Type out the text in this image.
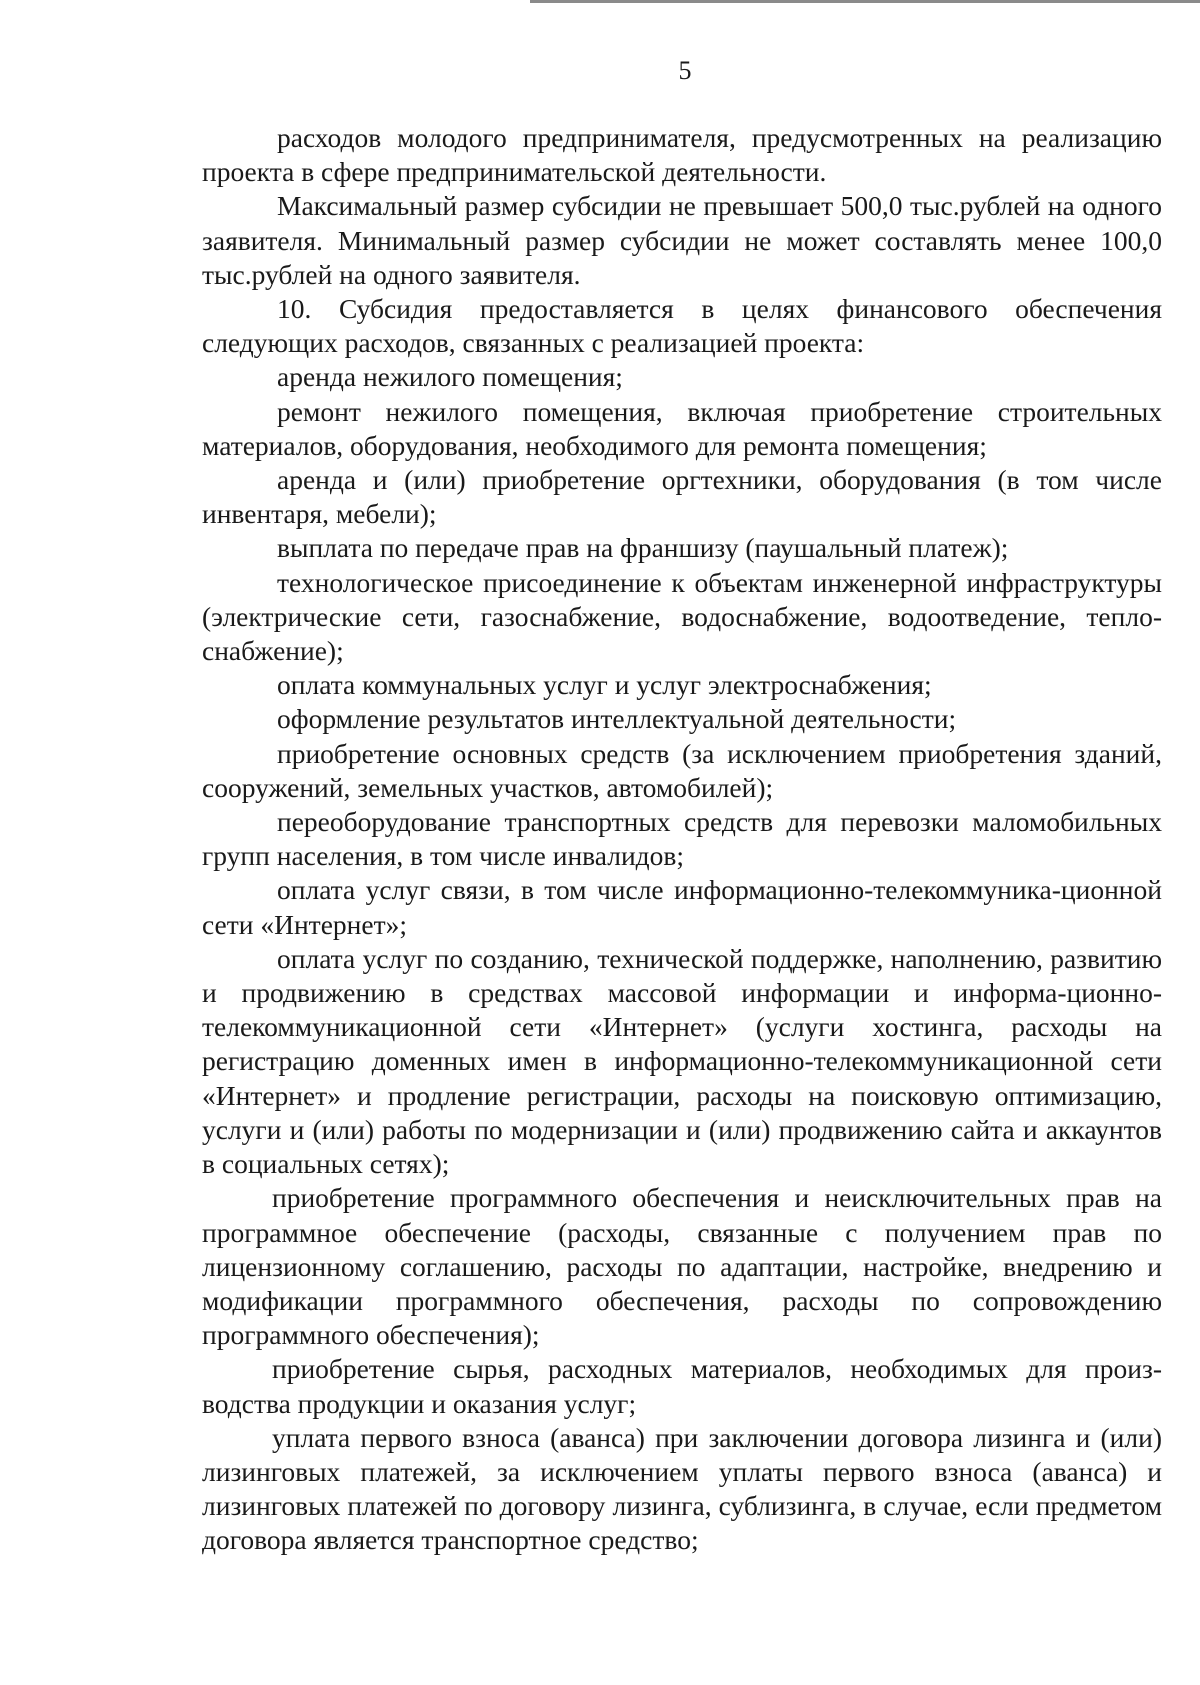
5

расходов молодого предпринимателя, предусмотренных на реализацию проекта в сфере предпринимательской деятельности.

Максимальный размер субсидии не превышает 500,0 тыс.рублей на одного заявителя. Минимальный размер субсидии не может составлять менее 100,0 тыс.рублей на одного заявителя.

10. Субсидия предоставляется в целях финансового обеспечения следующих расходов, связанных с реализацией проекта:

аренда нежилого помещения;

ремонт нежилого помещения, включая приобретение строительных материалов, оборудования, необходимого для ремонта помещения;

аренда и (или) приобретение оргтехники, оборудования (в том числе инвентаря, мебели);

выплата по передаче прав на франшизу (паушальный платеж);

технологическое присоединение к объектам инженерной инфраструктуры (электрические сети, газоснабжение, водоснабжение, водоотведение, тепло-снабжение);

оплата коммунальных услуг и услуг электроснабжения;

оформление результатов интеллектуальной деятельности;

приобретение основных средств (за исключением приобретения зданий, сооружений, земельных участков, автомобилей);

переоборудование транспортных средств для перевозки маломобильных групп населения, в том числе инвалидов;

оплата услуг связи, в том числе информационно-телекоммуника-ционной сети «Интернет»;

оплата услуг по созданию, технической поддержке, наполнению, развитию и продвижению в средствах массовой информации и информа-ционно-телекоммуникационной сети «Интернет» (услуги хостинга, расходы на регистрацию доменных имен в информационно-телекоммуникационной сети «Интернет» и продление регистрации, расходы на поисковую оптимизацию, услуги и (или) работы по модернизации и (или) продвижению сайта и аккаунтов в социальных сетях);

приобретение программного обеспечения и неисключительных прав на программное обеспечение (расходы, связанные с получением прав по лицензионному соглашению, расходы по адаптации, настройке, внедрению и модификации программного обеспечения, расходы по сопровождению программного обеспечения);

приобретение сырья, расходных материалов, необходимых для произ-водства продукции и оказания услуг;

уплата первого взноса (аванса) при заключении договора лизинга и (или) лизинговых платежей, за исключением уплаты первого взноса (аванса) и лизинговых платежей по договору лизинга, сублизинга, в случае, если предметом договора является транспортное средство;
